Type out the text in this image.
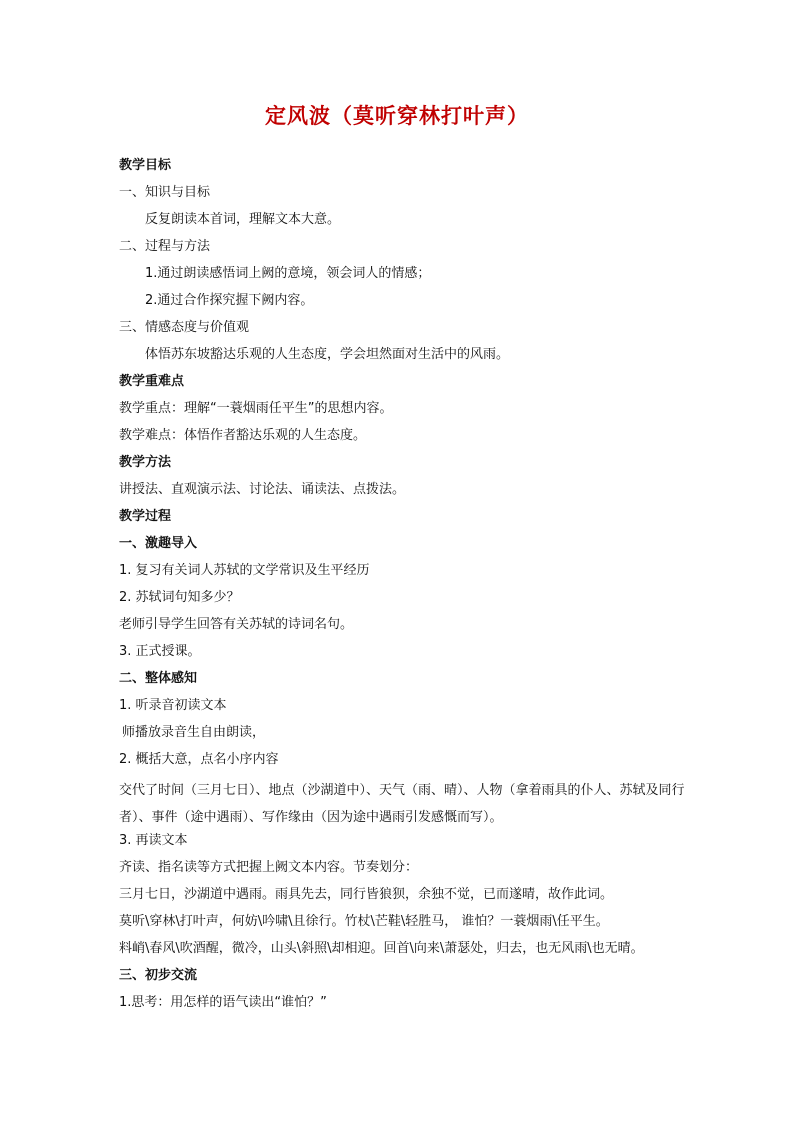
定风波（莫听穿林打叶声）

教学目标

一、知识与目标

反复朗读本首词，理解文本大意。

二、过程与方法

1.通过朗读感悟词上阙的意境，领会词人的情感；

2.通过合作探究握下阙内容。

三、情感态度与价值观

体悟苏东坡豁达乐观的人生态度，学会坦然面对生活中的风雨。

教学重难点

教学重点：理解“一蓑烟雨任平生”的思想内容。

教学难点：体悟作者豁达乐观的人生态度。

教学方法

讲授法、直观演示法、讨论法、诵读法、点拨法。

教学过程

一、激趣导入

1. 复习有关词人苏轼的文学常识及生平经历

2. 苏轼词句知多少？

老师引导学生回答有关苏轼的诗词名句。

3. 正式授课。

二、整体感知

1. 听录音初读文本

师播放录音生自由朗读，

2. 概括大意，点名小序内容

交代了时间（三月七日）、地点（沙湖道中）、天气（雨、晴）、人物（拿着雨具的仆人、苏轼及同行者）、事件（途中遇雨）、写作缘由（因为途中遇雨引发感慨而写）。

3. 再读文本

齐读、指名读等方式把握上阙文本内容。节奏划分：

三月七日，沙湖道中遇雨。雨具先去，同行皆狼狈，余独不觉，已而遂晴，故作此词。

莫听\穿林\打叶声，何妨\吟啸\且徐行。竹杖\芒鞋\轻胜马， 谁怕？一蓑烟雨\任平生。

料峭\春风\吹酒醒，微冷，山头\斜照\却相迎。回首\向来\萧瑟处，归去，也无风雨\也无晴。

三、初步交流

1.思考：用怎样的语气读出“谁怕？”
